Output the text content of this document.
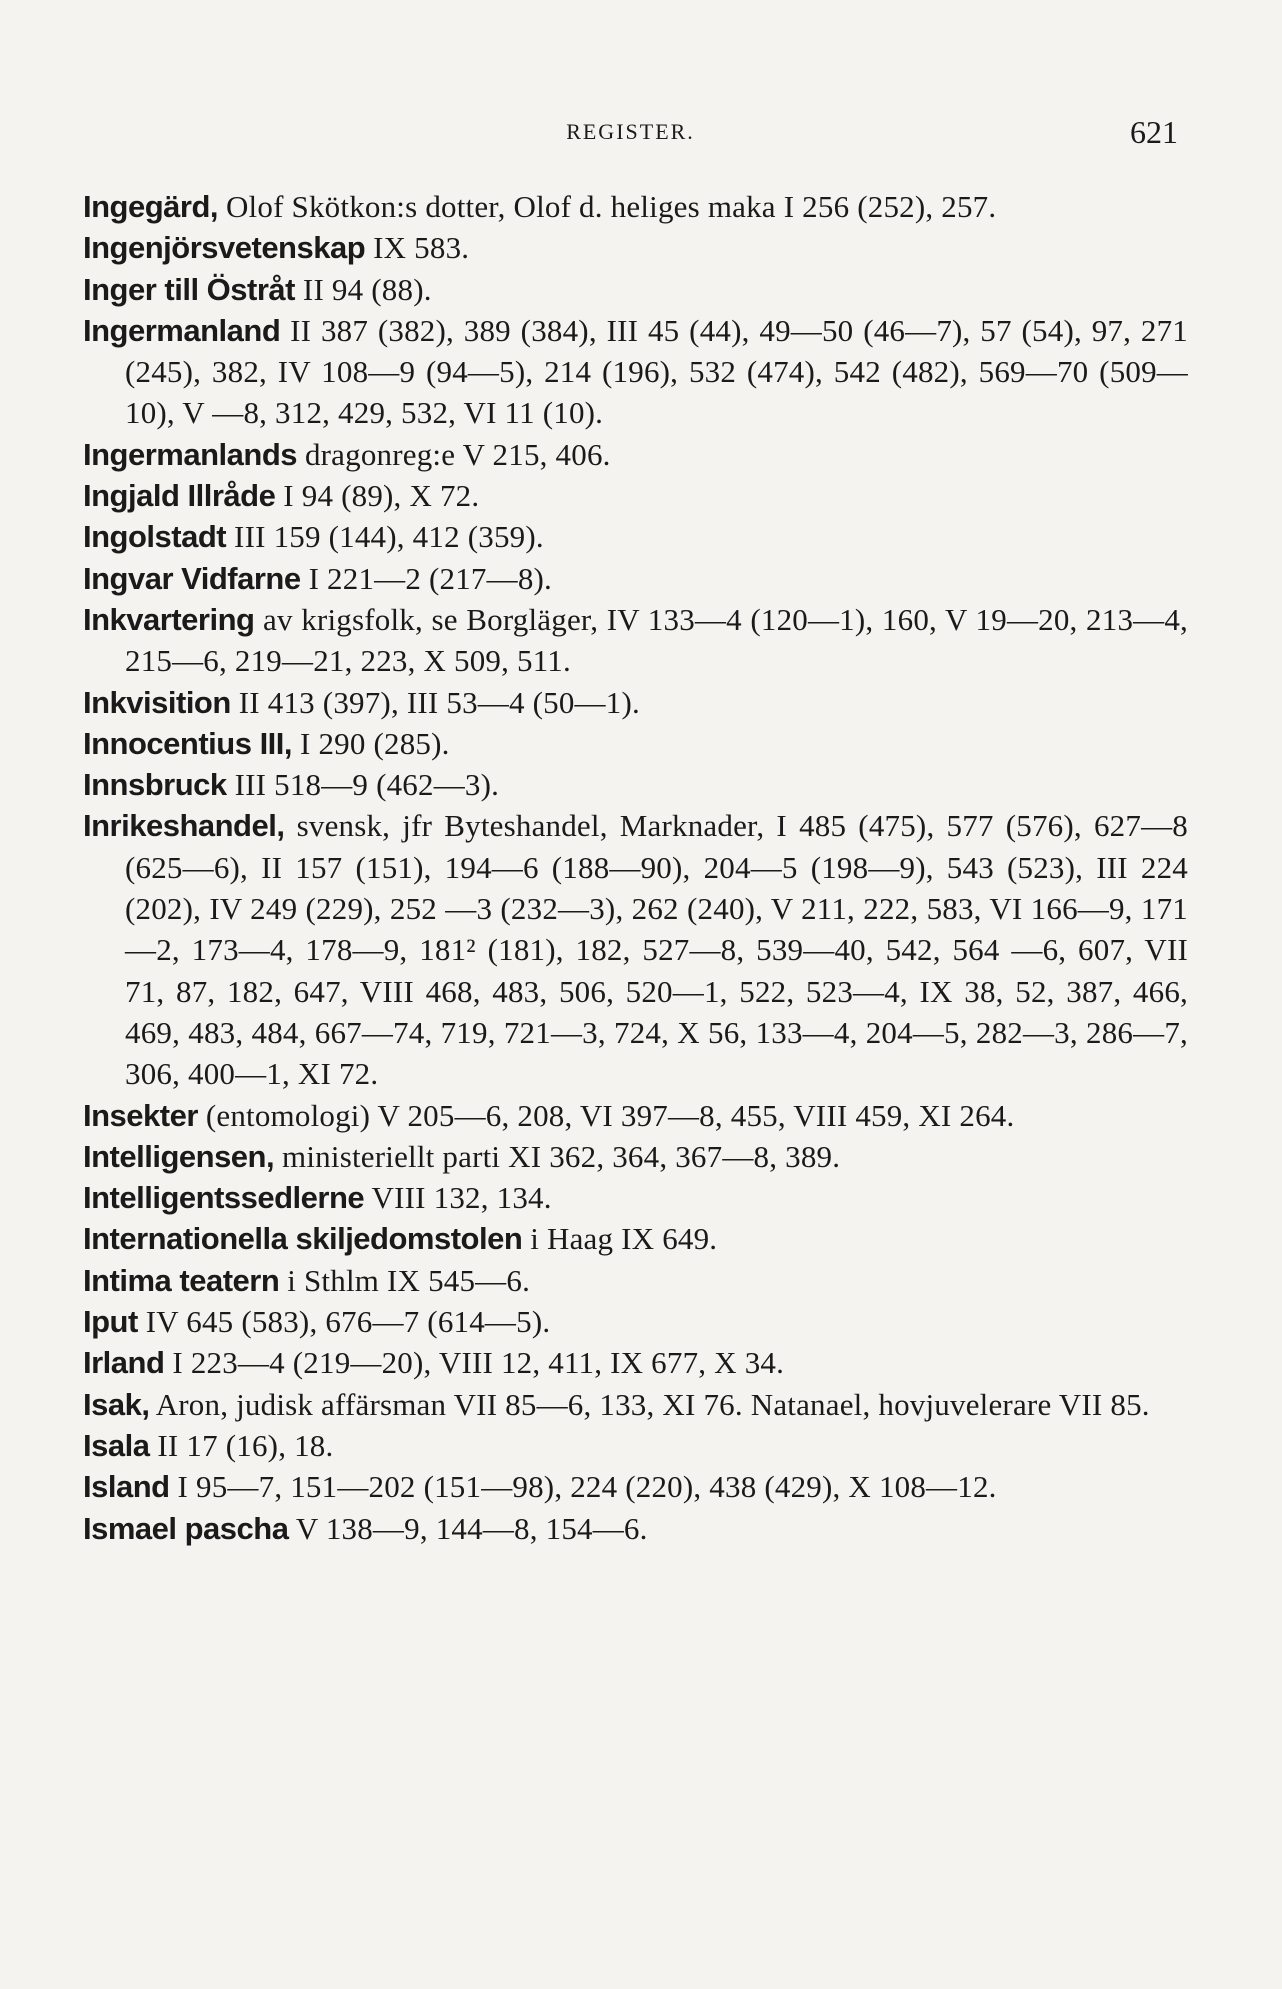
REGISTER.	621
Ingegärd, Olof Skötkon:s dotter, Olof d. heliges maka I 256 (252), 257.
Ingenjörsvetenskap IX 583.
Inger till Östråt II 94 (88).
Ingermanland II 387 (382), 389 (384), III 45 (44), 49—50 (46—7), 57 (54), 97, 271 (245), 382, IV 108—9 (94—5), 214 (196), 532 (474), 542 (482), 569—70 (509—10), V —8, 312, 429, 532, VI 11 (10).
Ingermanlands dragonreg:e V 215, 406.
Ingjald Illråde I 94 (89), X 72.
Ingolstadt III 159 (144), 412 (359).
Ingvar Vidfarne I 221—2 (217—8).
Inkvartering av krigsfolk, se Borgläger, IV 133—4 (120—1), 160, V 19—20, 213—4, 215—6, 219—21, 223, X 509, 511.
Inkvisition II 413 (397), III 53—4 (50—1).
Innocentius III, I 290 (285).
Innsbruck III 518—9 (462—3).
Inrikeshandel, svensk, jfr Byteshandel, Marknader, I 485 (475), 577 (576), 627—8 (625—6), II 157 (151), 194—6 (188—90), 204—5 (198—9), 543 (523), III 224 (202), IV 249 (229), 252 —3 (232—3), 262 (240), V 211, 222, 583, VI 166—9, 171—2, 173—4, 178—9, 181² (181), 182, 527—8, 539—40, 542, 564 —6, 607, VII 71, 87, 182, 647, VIII 468, 483, 506, 520—1, 522, 523—4, IX 38, 52, 387, 466, 469, 483, 484, 667—74, 719, 721—3, 724, X 56, 133—4, 204—5, 282—3, 286—7, 306, 400—1, XI 72.
Insekter (entomologi) V 205—6, 208, VI 397—8, 455, VIII 459, XI 264.
Intelligensen, ministeriellt parti XI 362, 364, 367—8, 389.
Intelligentssedlerne VIII 132, 134.
Internationella skiljedomstolen i Haag IX 649.
Intima teatern i Sthlm IX 545—6.
Iput IV 645 (583), 676—7 (614—5).
Irland I 223—4 (219—20), VIII 12, 411, IX 677, X 34.
Isak, Aron, judisk affärsman VII 85—6, 133, XI 76. Natanael, hovjuvelerare VII 85.
Isala II 17 (16), 18.
Island I 95—7, 151—202 (151—98), 224 (220), 438 (429), X 108—12.
Ismael pascha V 138—9, 144—8, 154—6.
